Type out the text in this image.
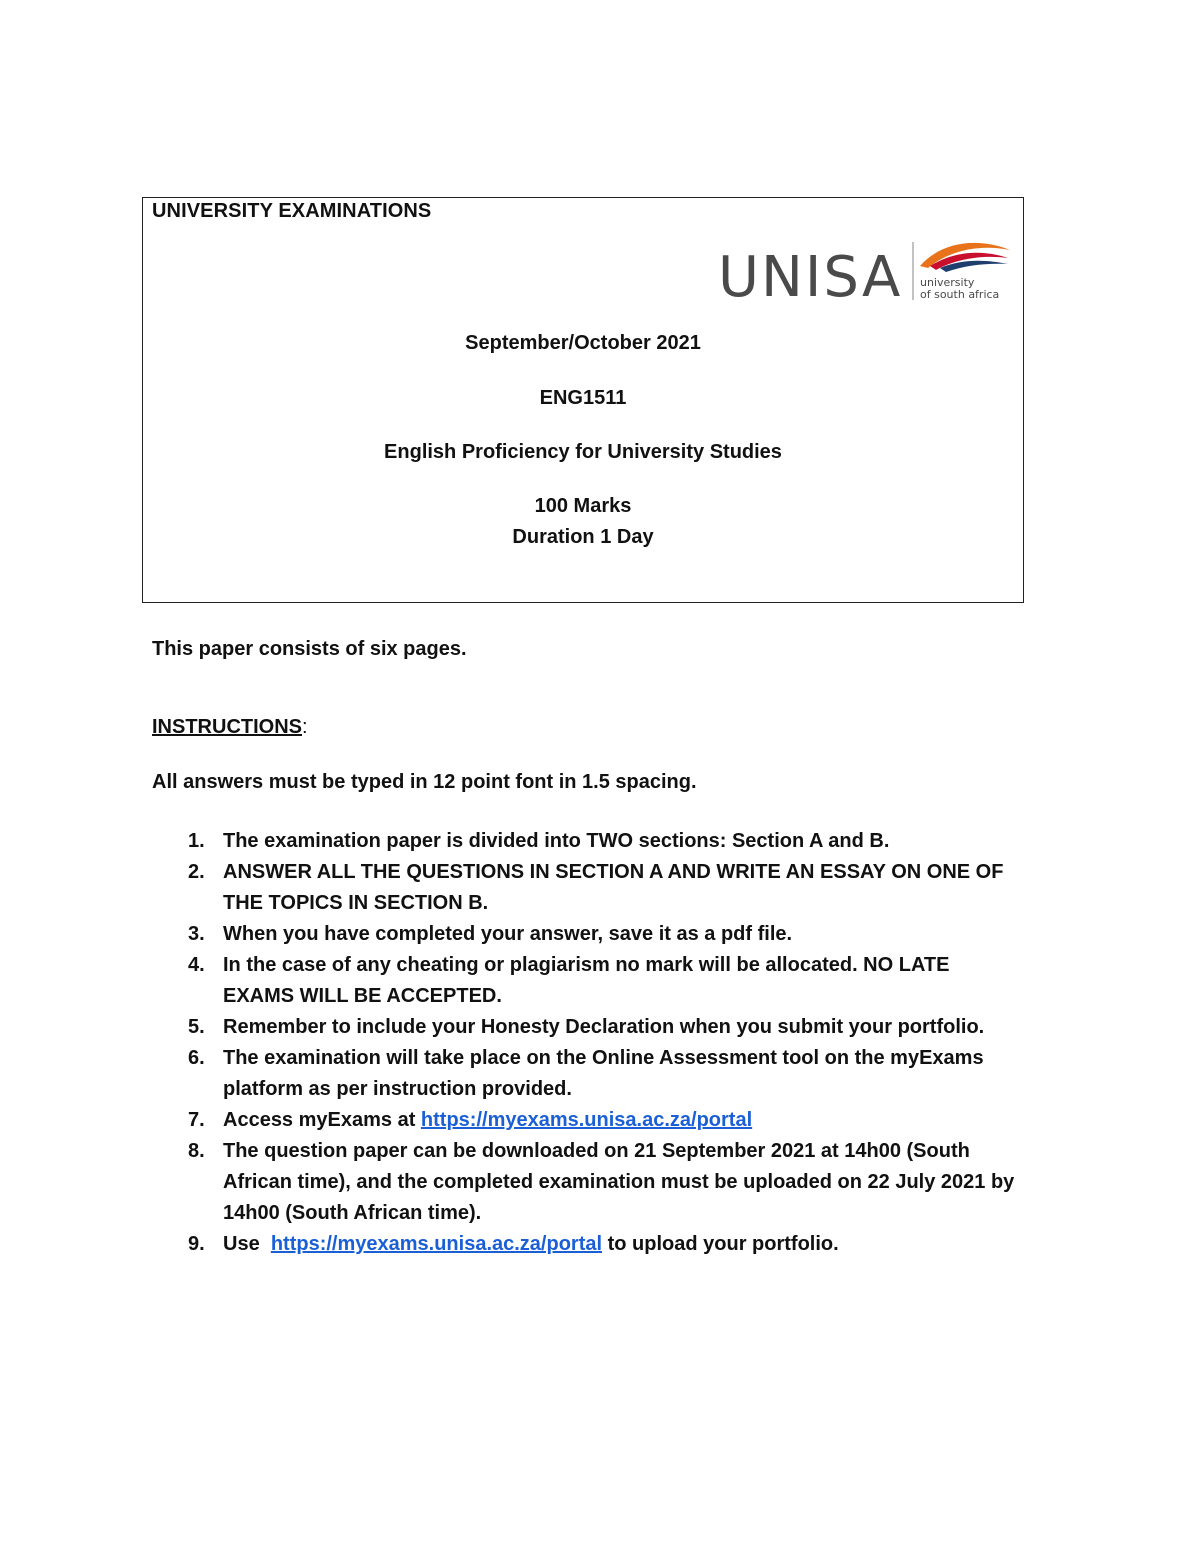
UNIVERSITY EXAMINATIONS
UNISA university
of south africa
September/October 2021
ENG1511
English Proficiency for University Studies
100 Marks
Duration 1 Day
This paper consists of six pages.
INSTRUCTIONS:
All answers must be typed in 12 point font in 1.5 spacing.
1. The examination paper is divided into TWO sections: Section A and B.
2. ANSWER ALL THE QUESTIONS IN SECTION A AND WRITE AN ESSAY ON ONE OF THE TOPICS IN SECTION B.
3. When you have completed your answer, save it as a pdf file.
4. In the case of any cheating or plagiarism no mark will be allocated. NO LATE EXAMS WILL BE ACCEPTED.
5. Remember to include your Honesty Declaration when you submit your portfolio.
6. The examination will take place on the Online Assessment tool on the myExams platform as per instruction provided.
7. Access myExams at https://myexams.unisa.ac.za/portal
8. The question paper can be downloaded on 21 September 2021 at 14h00 (South African time), and the completed examination must be uploaded on 22 July 2021 by 14h00 (South African time).
9. Use  https://myexams.unisa.ac.za/portal to upload your portfolio.
